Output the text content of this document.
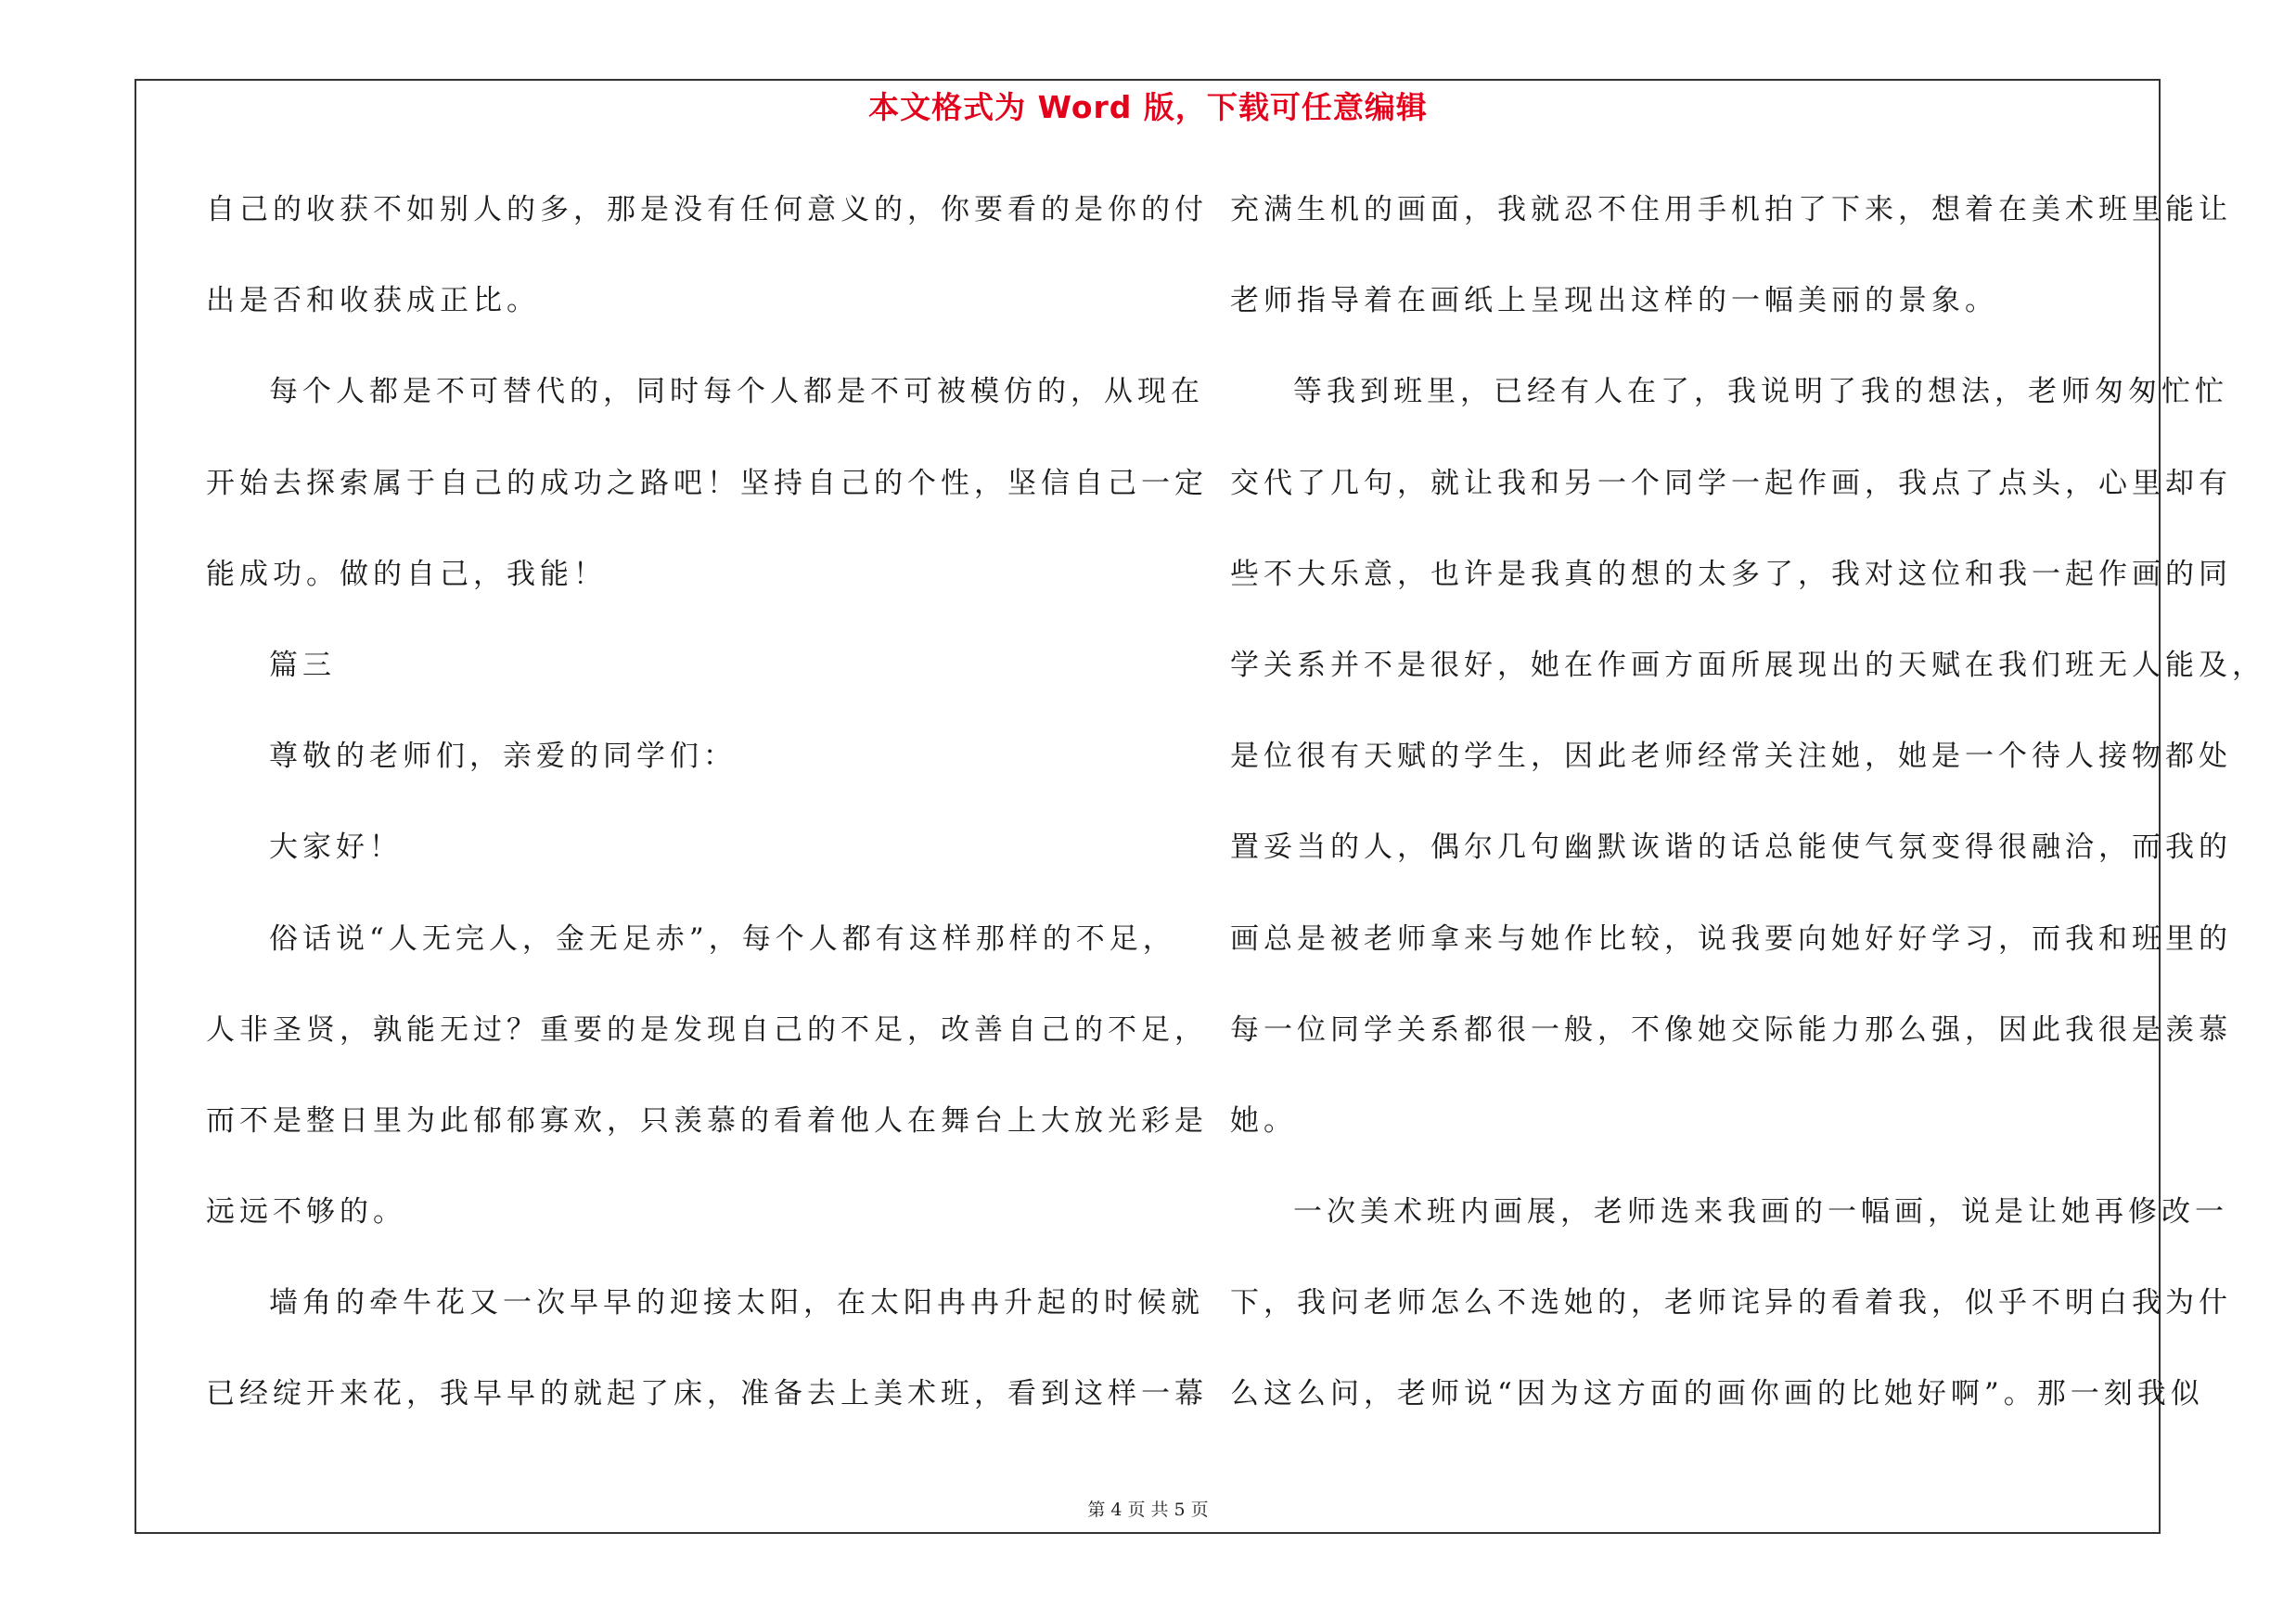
本文格式为 Word 版，下载可任意编辑
自己的收获不如别人的多，那是没有任何意义的，你要看的是你的付
出是否和收获成正比。
每个人都是不可替代的，同时每个人都是不可被模仿的，从现在
开始去探索属于自己的成功之路吧！坚持自己的个性，坚信自己一定
能成功。做的自己，我能！
篇三
尊敬的老师们，亲爱的同学们：
大家好！
俗话说“人无完人，金无足赤”，每个人都有这样那样的不足，
人非圣贤，孰能无过？重要的是发现自己的不足，改善自己的不足，
而不是整日里为此郁郁寡欢，只羡慕的看着他人在舞台上大放光彩是
远远不够的。
墙角的牵牛花又一次早早的迎接太阳，在太阳冉冉升起的时候就
已经绽开来花，我早早的就起了床，准备去上美术班，看到这样一幕
充满生机的画面，我就忍不住用手机拍了下来，想着在美术班里能让
老师指导着在画纸上呈现出这样的一幅美丽的景象。
等我到班里，已经有人在了，我说明了我的想法，老师匆匆忙忙
交代了几句，就让我和另一个同学一起作画，我点了点头，心里却有
些不大乐意，也许是我真的想的太多了，我对这位和我一起作画的同
学关系并不是很好，她在作画方面所展现出的天赋在我们班无人能及，
是位很有天赋的学生，因此老师经常关注她，她是一个待人接物都处
置妥当的人，偶尔几句幽默诙谐的话总能使气氛变得很融洽，而我的
画总是被老师拿来与她作比较，说我要向她好好学习，而我和班里的
每一位同学关系都很一般，不像她交际能力那么强，因此我很是羡慕
她。
一次美术班内画展，老师选来我画的一幅画，说是让她再修改一
下，我问老师怎么不选她的，老师诧异的看着我，似乎不明白我为什
么这么问，老师说“因为这方面的画你画的比她好啊”。那一刻我似
第 4 页 共 5 页
